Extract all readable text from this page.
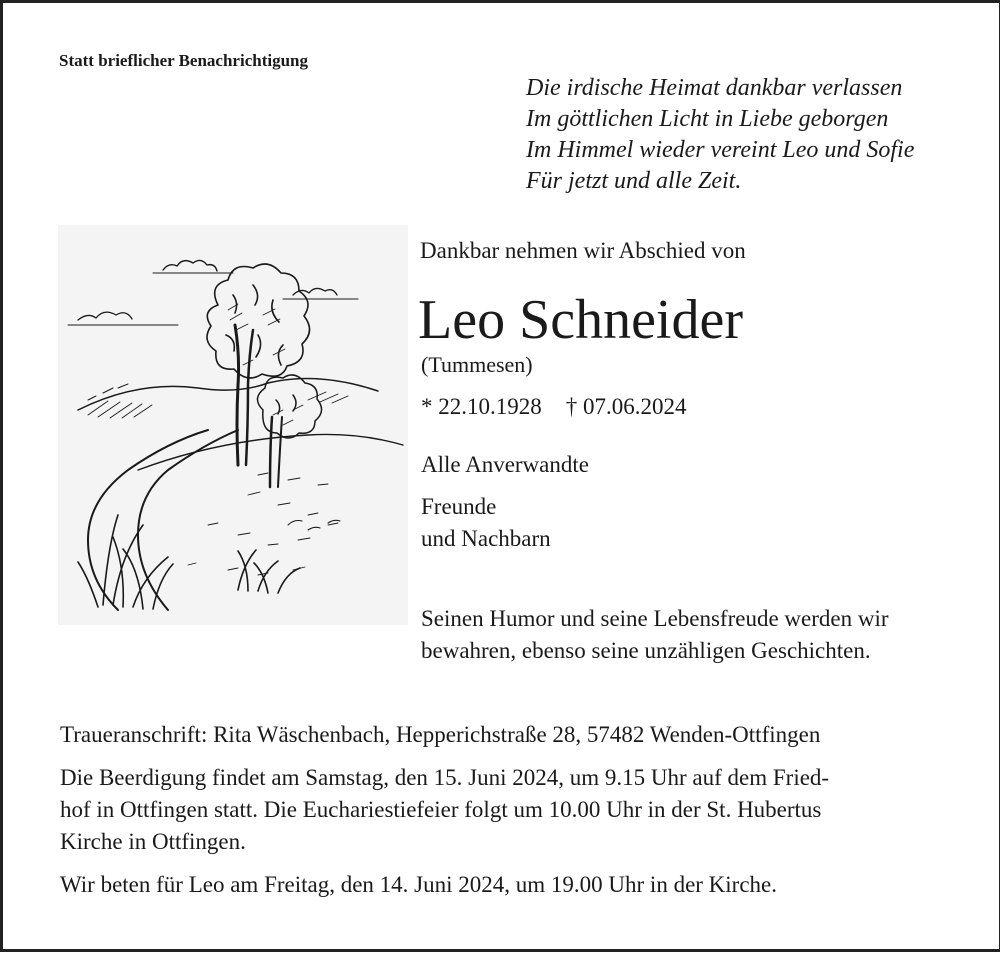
Statt brieflicher Benachrichtigung
Die irdische Heimat dankbar verlassen
Im göttlichen Licht in Liebe geborgen
Im Himmel wieder vereint Leo und Sofie
Für jetzt und alle Zeit.
Dankbar nehmen wir Abschied von
Leo Schneider
(Tummesen)
* 22.10.1928 † 07.06.2024
Alle Anverwandte
Freunde
und Nachbarn
Seinen Humor und seine Lebensfreude werden wir
bewahren, ebenso seine unzähligen Geschichten.

Traueranschrift: Rita Wäschenbach, Hepperichstraße 28, 57482 Wenden-Ottfingen

Die Beerdigung findet am Samstag, den 15. Juni 2024, um 9.15 Uhr auf dem Fried-
hof in Ottfingen statt. Die Euchariestiefeier folgt um 10.00 Uhr in der St. Hubertus
Kirche in Ottfingen.

Wir beten für Leo am Freitag, den 14. Juni 2024, um 19.00 Uhr in der Kirche.
